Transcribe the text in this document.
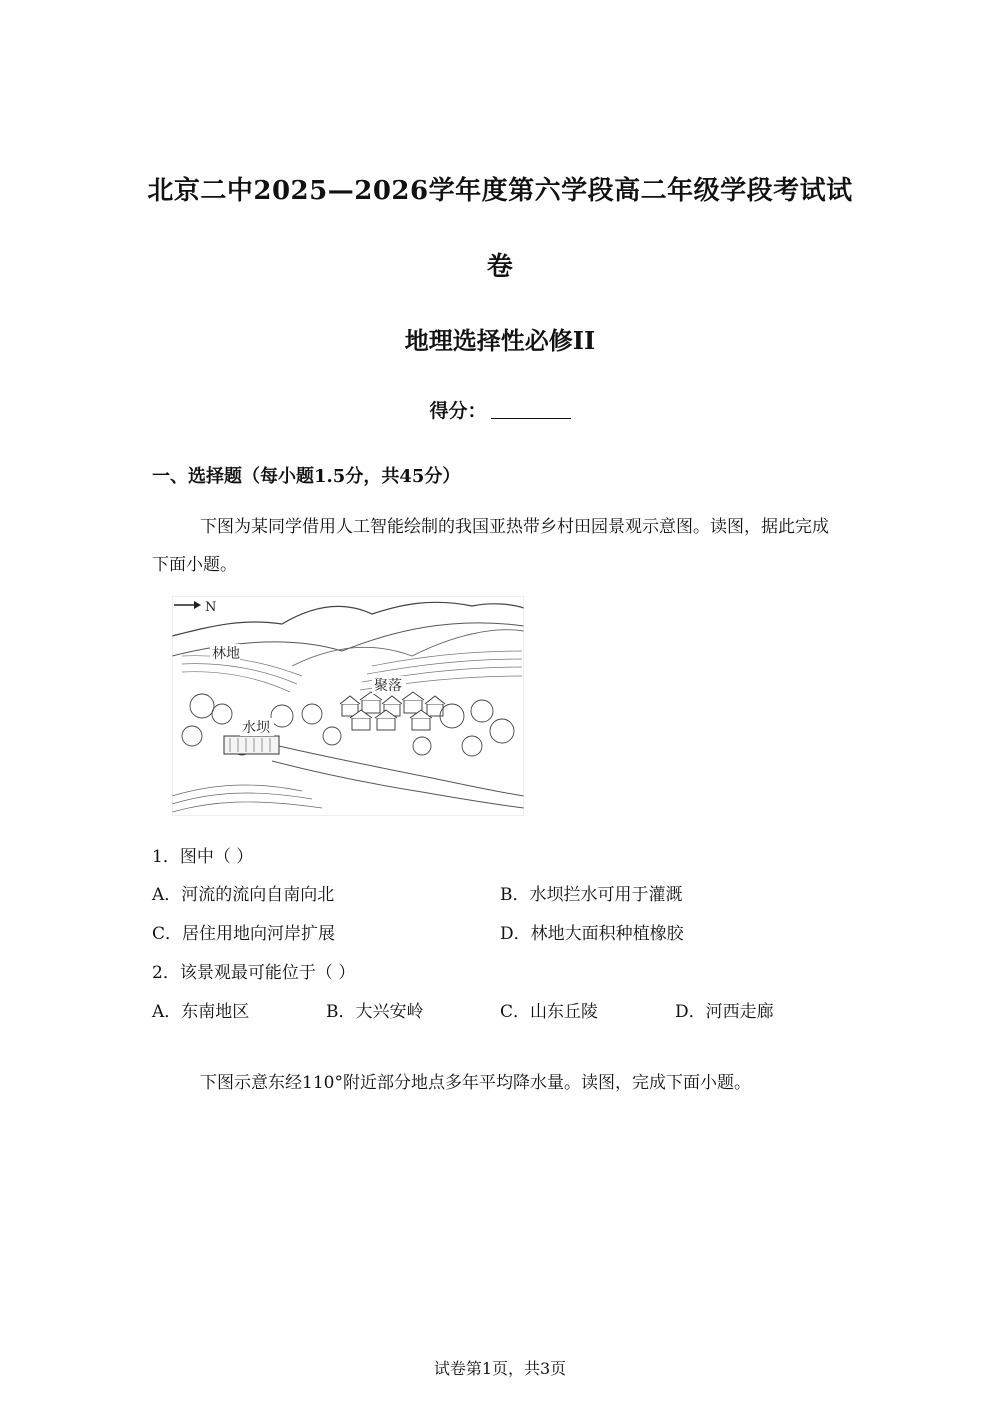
北京二中2025—2026学年度第六学段高二年级学段考试试
卷
地理选择性必修II
得分：
一、选择题（每小题1.5分，共45分）
下图为某同学借用人工智能绘制的我国亚热带乡村田园景观示意图。读图，据此完成下面小题。
N
林地
聚落
水坝
1．图中（ ）
A．河流的流向自南向北	B．水坝拦水可用于灌溉
C．居住用地向河岸扩展	D．林地大面积种植橡胶
2．该景观最可能位于（ ）
A．东南地区	B．大兴安岭	C．山东丘陵	D．河西走廊
下图示意东经110°附近部分地点多年平均降水量。读图，完成下面小题。
试卷第1页，共3页
